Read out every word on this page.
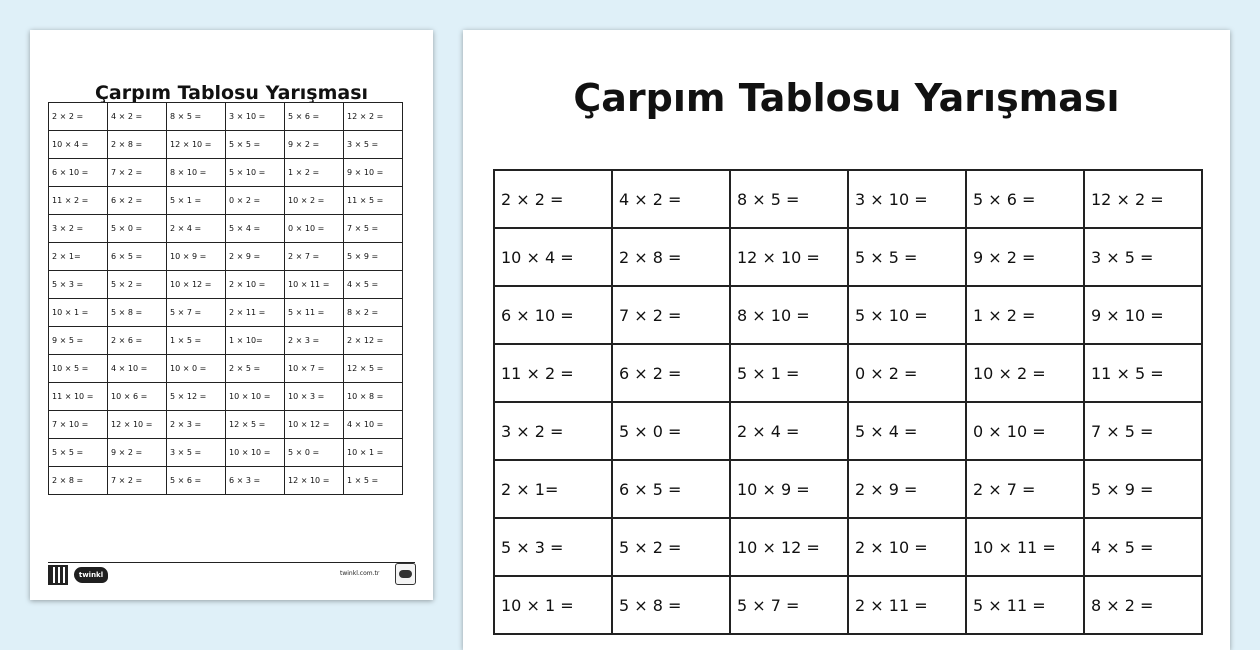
Çarpım Tablosu Yarışması
2 × 2 =	4 × 2 =	8 × 5 =	3 × 10 =	5 × 6 =	12 × 2 =
10 × 4 =	2 × 8 =	12 × 10 =	5 × 5 =	9 × 2 =	3 × 5 =
6 × 10 =	7 × 2 =	8 × 10 =	5 × 10 =	1 × 2 =	9 × 10 =
11 × 2 =	6 × 2 =	5 × 1 =	0 × 2 =	10 × 2 =	11 × 5 =
3 × 2 =	5 × 0 =	2 × 4 =	5 × 4 =	0 × 10 =	7 × 5 =
2 × 1=	6 × 5 =	10 × 9 =	2 × 9 =	2 × 7 =	5 × 9 =
5 × 3 =	5 × 2 =	10 × 12 =	2 × 10 =	10 × 11 =	4 × 5 =
10 × 1 =	5 × 8 =	5 × 7 =	2 × 11 =	5 × 11 =	8 × 2 =
9 × 5 =	2 × 6 =	1 × 5 =	1 × 10=	2 × 3 =	2 × 12 =
10 × 5 =	4 × 10 =	10 × 0 =	2 × 5 =	10 × 7 =	12 × 5 =
11 × 10 =	10 × 6 =	5 × 12 =	10 × 10 =	10 × 3 =	10 × 8 =
7 × 10 =	12 × 10 =	2 × 3 =	12 × 5 =	10 × 12 =	4 × 10 =
5 × 5 =	9 × 2 =	3 × 5 =	10 × 10 =	5 × 0 =	10 × 1 =
2 × 8 =	7 × 2 =	5 × 6 =	6 × 3 =	12 × 10 =	1 × 5 =
twinkl	twinkl.com.tr
Çarpım Tablosu Yarışması
2 × 2 =	4 × 2 =	8 × 5 =	3 × 10 =	5 × 6 =	12 × 2 =
10 × 4 =	2 × 8 =	12 × 10 =	5 × 5 =	9 × 2 =	3 × 5 =
6 × 10 =	7 × 2 =	8 × 10 =	5 × 10 =	1 × 2 =	9 × 10 =
11 × 2 =	6 × 2 =	5 × 1 =	0 × 2 =	10 × 2 =	11 × 5 =
3 × 2 =	5 × 0 =	2 × 4 =	5 × 4 =	0 × 10 =	7 × 5 =
2 × 1=	6 × 5 =	10 × 9 =	2 × 9 =	2 × 7 =	5 × 9 =
5 × 3 =	5 × 2 =	10 × 12 =	2 × 10 =	10 × 11 =	4 × 5 =
10 × 1 =	5 × 8 =	5 × 7 =	2 × 11 =	5 × 11 =	8 × 2 =
